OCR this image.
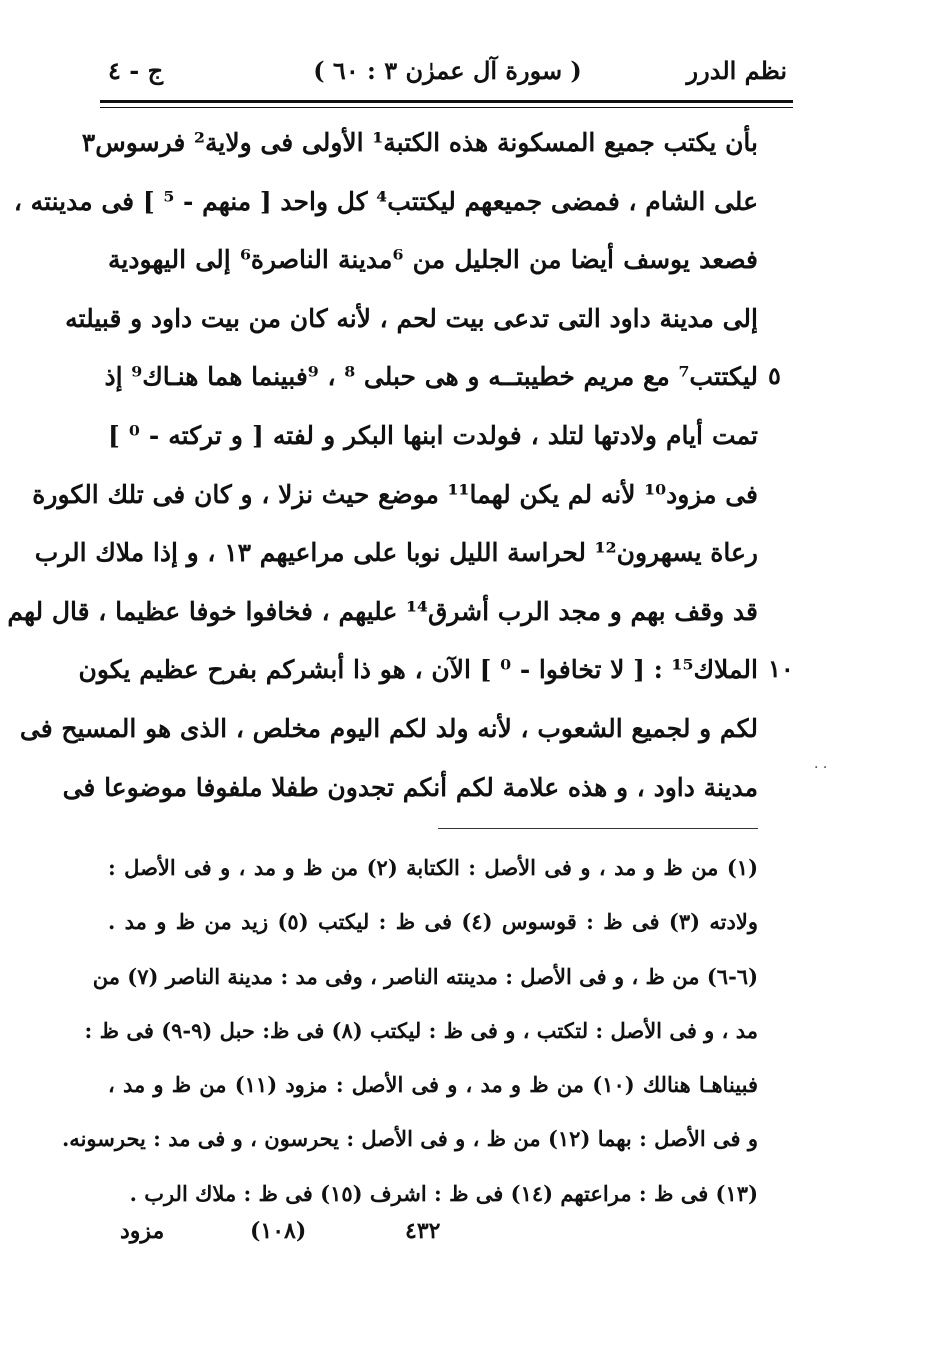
نظم الدرر
( سورة آل عمرٰن ٣ : ٦٠ )
ج - ٤
بأن يكتب جميع المسكونة هذه الكتبة¹ الأولى فى ولاية² فرسوس٣
على الشام ، فمضى جميعهم ليكتتب⁴ كل واحد [ منهم - ⁵ ] فى مدينته ،
فصعد يوسف أيضا من الجليل من ⁶مدينة الناصرة⁶ إلى اليهودية
إلى مدينة داود التى تدعى بيت لحم ، لأنه كان من بيت داود و قبيلته
ليكتتب⁷ مع مريم خطيبتــه و هى حبلى ⁸ ، ⁹فبينما هما هنـاك⁹ إذ
تمت أيام ولادتها لتلد ، فولدت ابنها البكر و لفته [ و تركته - ⁰ ]
فى مزود¹⁰ لأنه لم يكن لهما¹¹ موضع حيث نزلا ، و كان فى تلك الكورة
رعاة يسهرون¹² لحراسة الليل نوبا على مراعيهم ١٣ ، و إذا ملاك الرب
قد وقف بهم و مجد الرب أشرق¹⁴ عليهم ، فخافوا خوفا عظيما ، قال لهم
الملاك¹⁵ : [ لا تخافوا - ⁰ ] الآن ، هو ذا أبشركم بفرح عظيم يكون
لكم و لجميع الشعوب ، لأنه ولد لكم اليوم مخلص ، الذى هو المسيح فى
مدينة داود ، و هذه علامة لكم أنكم تجدون طفلا ملفوفا موضوعا فى
٥
١٠
· ·
(١) من ظ و مد ، و فى الأصل : الكتابة (٢) من ظ و مد ، و فى الأصل :
ولادته (٣) فى ظ : قوسوس (٤) فى ظ : ليكتب (٥) زيد من ظ و مد .
(٦-٦) من ظ ، و فى الأصل : مدينته الناصر ، وفى مد : مدينة الناصر (٧) من
مد ، و فى الأصل : لتكتب ، و فى ظ : ليكتب (٨) فى ظ: حبل (٩-٩) فى ظ :
فبيناهـا هنالك (١٠) من ظ و مد ، و فى الأصل : مزود (١١) من ظ و مد ،
و فى الأصل : بهما (١٢) من ظ ، و فى الأصل : يحرسون ، و فى مد : يحرسونه.
(١٣) فى ظ : مراعتهم (١٤) فى ظ : اشرف (١٥) فى ظ : ملاك الرب .
٤٣٢
(١٠٨)
مزود
